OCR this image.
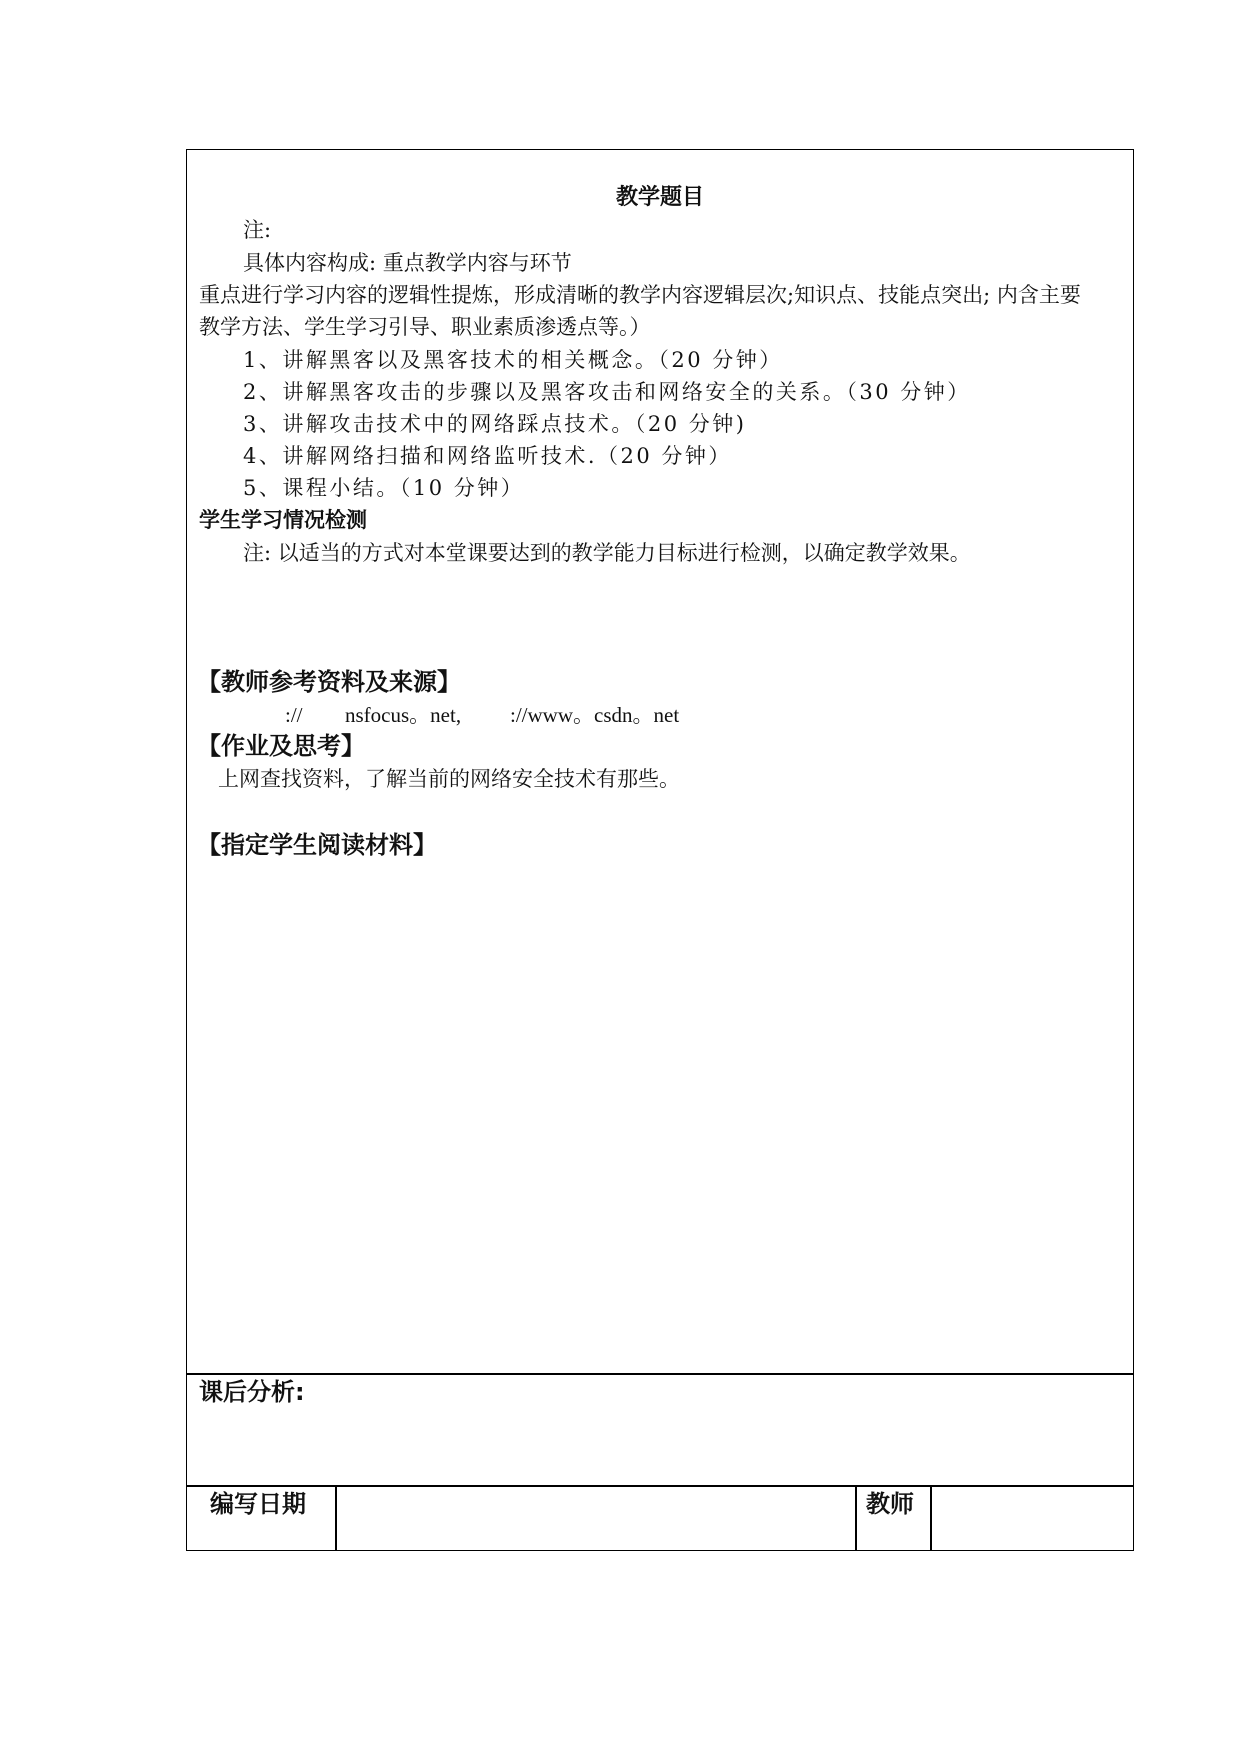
教学题目
注:
具体内容构成: 重点教学内容与环节
重点进行学习内容的逻辑性提炼，形成清晰的教学内容逻辑层次;知识点、技能点突出; 内含主要
教学方法、学生学习引导、职业素质渗透点等。）
1、讲解黑客以及黑客技术的相关概念。（20 分钟）
2、讲解黑客攻击的步骤以及黑客攻击和网络安全的关系。（30 分钟）
3、讲解攻击技术中的网络踩点技术。（20 分钟)
4、讲解网络扫描和网络监听技术.（20 分钟）
5、课程小结。（10 分钟）
学生学习情况检测
注: 以适当的方式对本堂课要达到的教学能力目标进行检测，以确定教学效果。
【教师参考资料及来源】
:// nsfocus。net, ://www。csdn。net
【作业及思考】
上网查找资料，了解当前的网络安全技术有那些。
【指定学生阅读材料】
课后分析:
编写日期	教师
